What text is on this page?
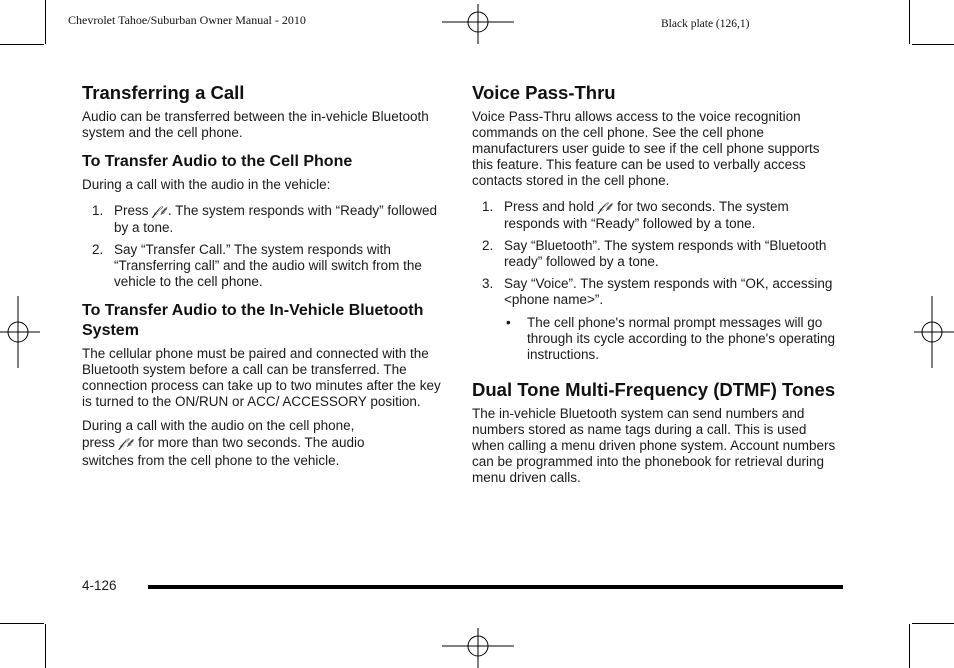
Chevrolet Tahoe/Suburban Owner Manual - 2010	Black plate (126,1)
Transferring a Call

Audio can be transferred between the in-vehicle Bluetooth system and the cell phone.

To Transfer Audio to the Cell Phone

During a call with the audio in the vehicle:

1. Press 𝒻⸙. The system responds with “Ready” followed by a tone.
2. Say “Transfer Call.” The system responds with “Transferring call” and the audio will switch from the vehicle to the cell phone.
To Transfer Audio to the In-Vehicle Bluetooth System

The cellular phone must be paired and connected with the Bluetooth system before a call can be transferred. The connection process can take up to two minutes after the key is turned to the ON/RUN or ACC/ ACCESSORY position.

During a call with the audio on the cell phone,
press 𝒻⸙ for more than two seconds. The audio
switches from the cell phone to the vehicle.

Voice Pass-Thru

Voice Pass-Thru allows access to the voice recognition commands on the cell phone. See the cell phone manufacturers user guide to see if the cell phone supports this feature. This feature can be used to verbally access contacts stored in the cell phone.

1. Press and hold 𝒻⸙ for two seconds. The system responds with “Ready” followed by a tone.
2. Say “Bluetooth”. The system responds with “Bluetooth ready” followed by a tone.
3. Say “Voice”. The system responds with “OK, accessing <phone name>”.
• The cell phone's normal prompt messages will go through its cycle according to the phone's operating instructions.
Dual Tone Multi-Frequency (DTMF) Tones

The in-vehicle Bluetooth system can send numbers and numbers stored as name tags during a call. This is used when calling a menu driven phone system. Account numbers can be programmed into the phonebook for retrieval during menu driven calls.

4-126
